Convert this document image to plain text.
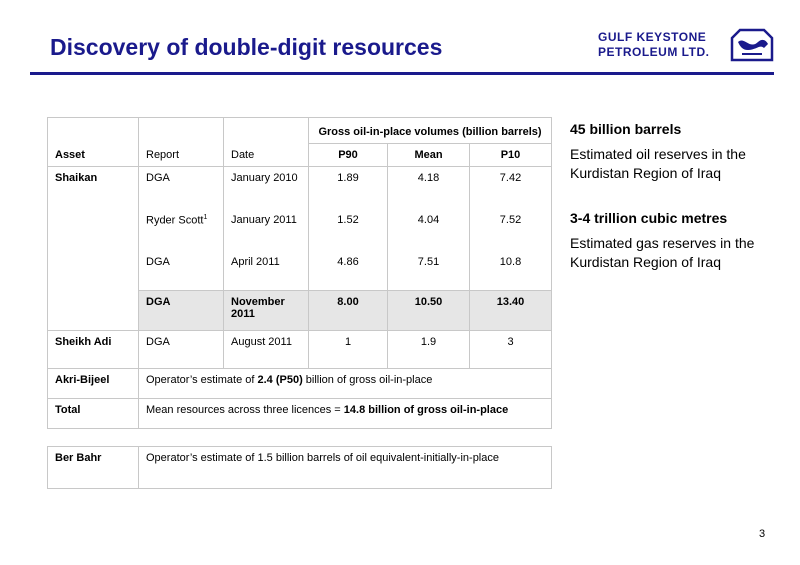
Discovery of double-digit resources	GULF KEYSTONE
PETROLEUM LTD.
Asset	Report	Date	Gross oil-in-place volumes (billion barrels)		
			P90	Mean	P10
Shaikan	DGA	January 2010	1.89	4.18	7.42
	Ryder Scott$^1$	January 2011	1.52	4.04	7.52
	DGA	April 2011	4.86	7.51	10.8
	DGA	November 2011	8.00	10.50	13.40
Sheikh Adi	DGA	August 2011	1	1.9	3
Akri-Bijeel	Operator’s estimate of 2.4 (P50) billion of gross oil-in-place				
Total	Mean resources across three licences = 14.8 billion of gross oil-in-place				
Ber Bahr	Operator’s estimate of 1.5 billion barrels of oil equivalent-initially-in-place
45 billion barrels
Estimated oil reserves in the Kurdistan Region of Iraq
3-4 trillion cubic metres
Estimated gas reserves in the Kurdistan Region of Iraq
3
